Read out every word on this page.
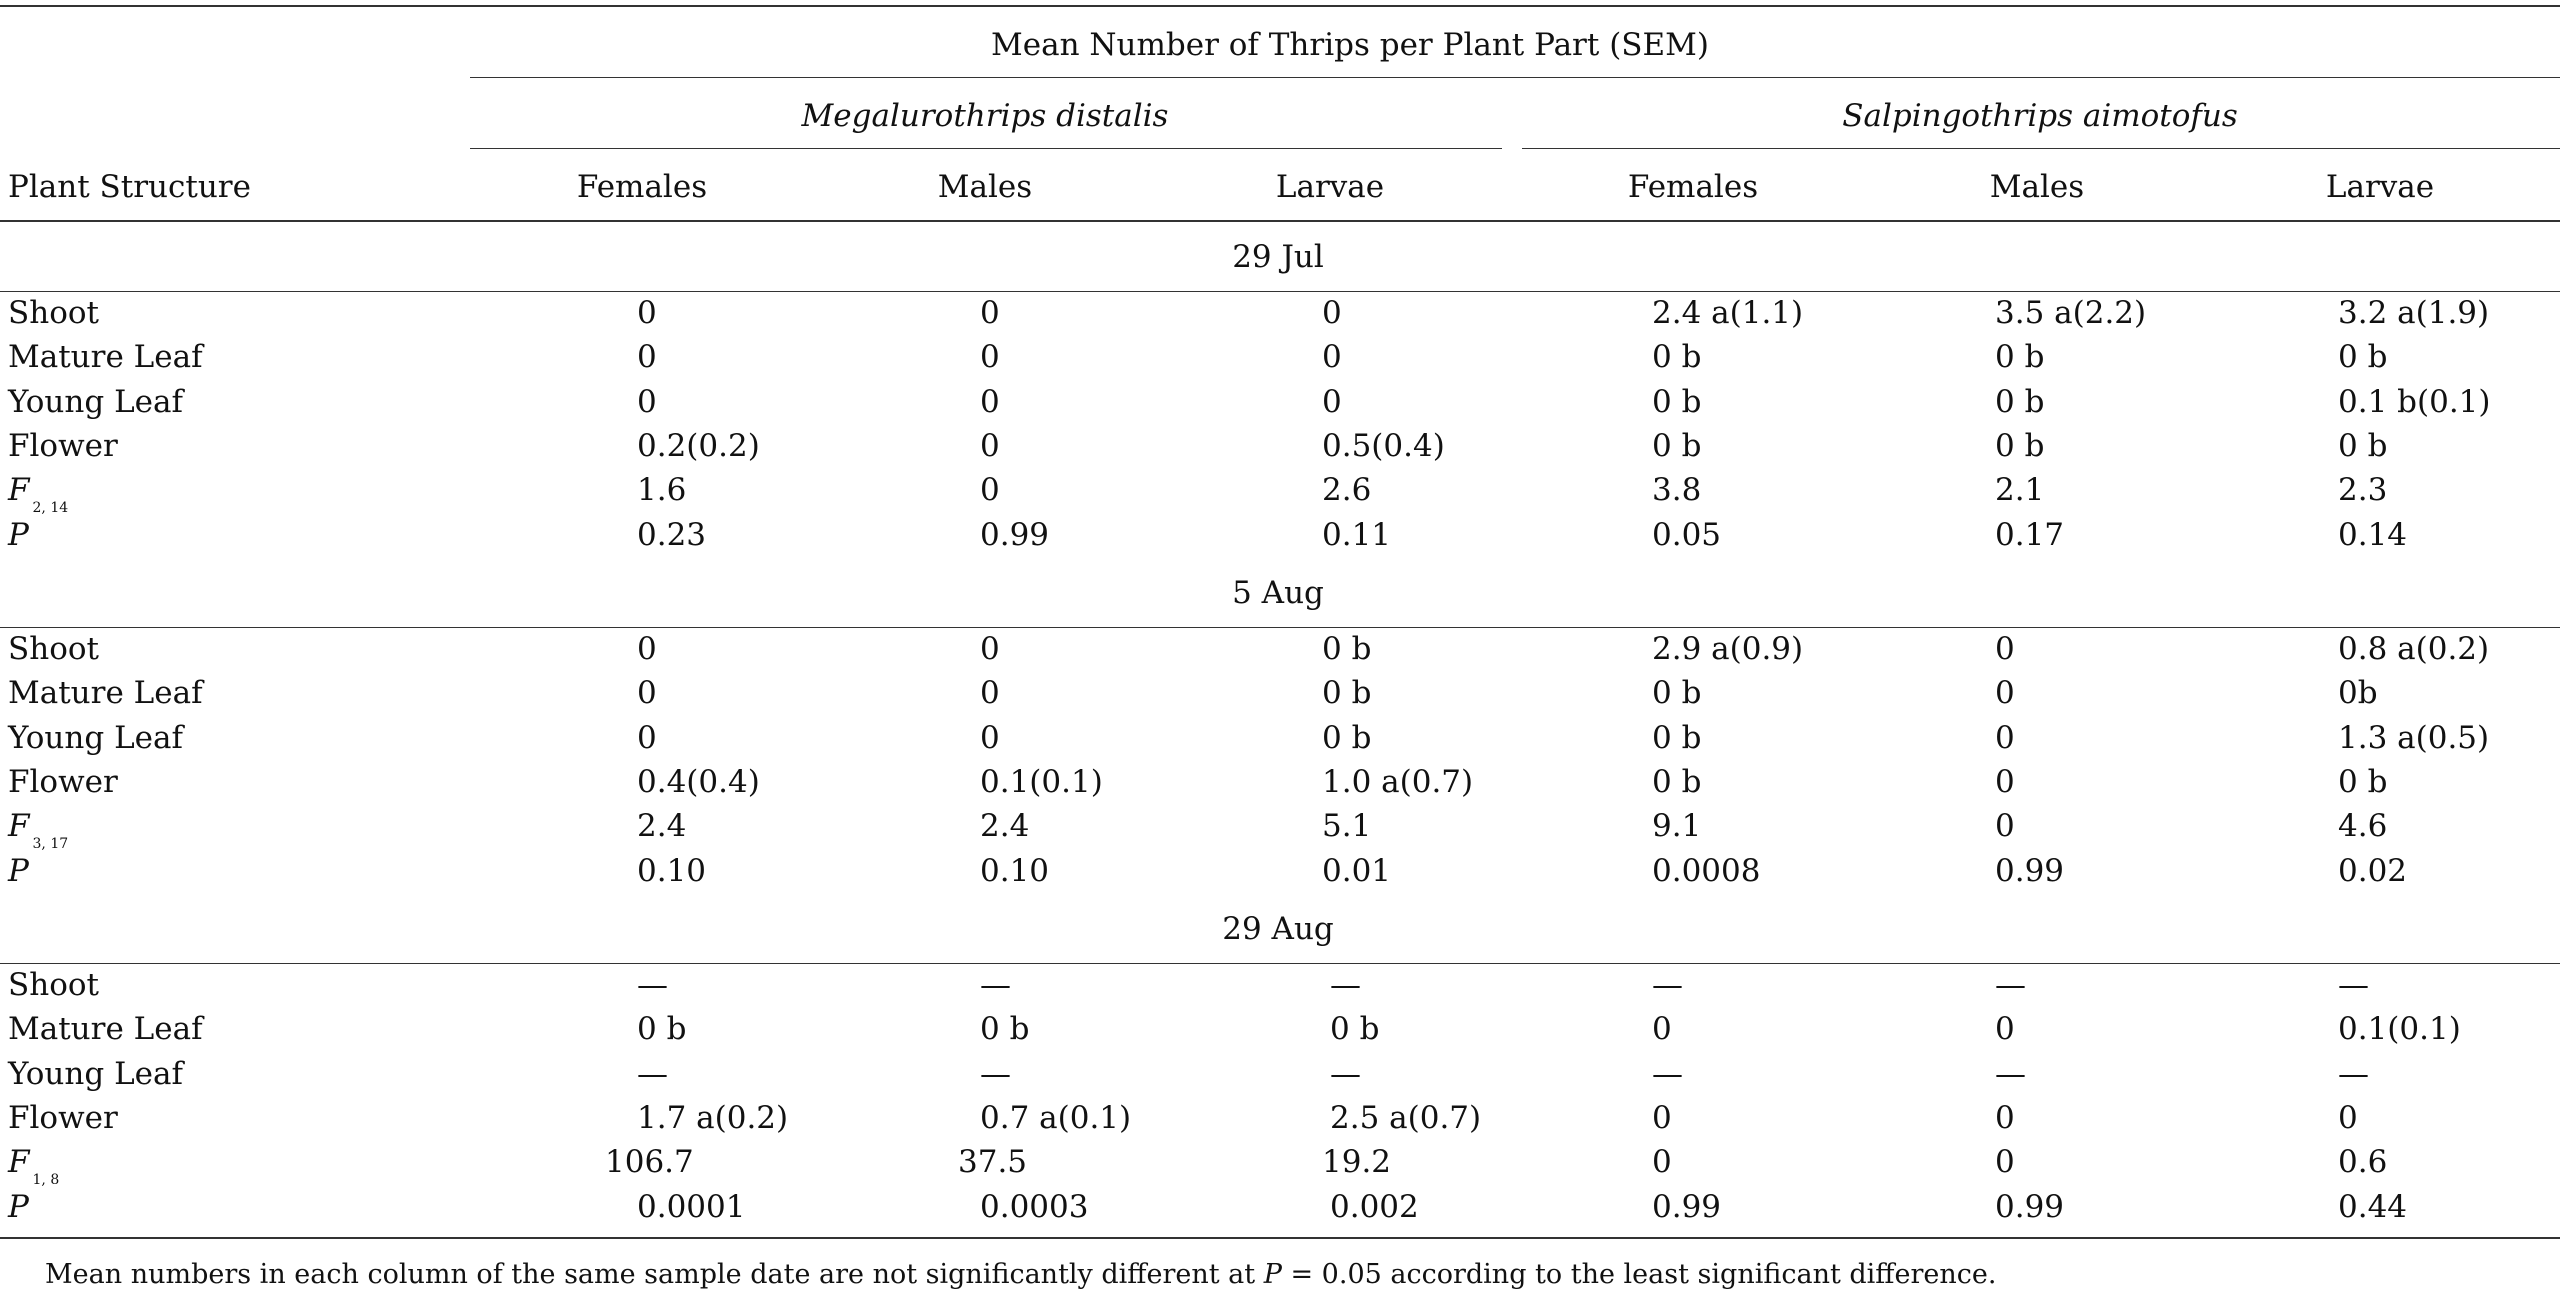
Mean Number of Thrips per Plant Part (SEM)
Megalurothrips distalis	Salpingothrips aimotofus
Plant Structure	Females	Males	Larvae	Females	Males	Larvae
29 Jul
Shoot	0	0	0	2.4 a(1.1)	3.5 a(2.2)	3.2 a(1.9)
Mature Leaf	0	0	0	0 b	0 b	0 b
Young Leaf	0	0	0	0 b	0 b	0.1 b(0.1)
Flower	0.2(0.2)	0	0.5(0.4)	0 b	0 b	0 b
F $_{2, 14}$	1.6	0	2.6	3.8	2.1	2.3
P	0.23	0.99	0.11	0.05	0.17	0.14
5 Aug
Shoot	0	0	0 b	2.9 a(0.9)	0	0.8 a(0.2)
Mature Leaf	0	0	0 b	0 b	0	0b
Young Leaf	0	0	0 b	0 b	0	1.3 a(0.5)
Flower	0.4(0.4)	0.1(0.1)	1.0 a(0.7)	0 b	0	0 b
F $_{3, 17}$	2.4	2.4	5.1	9.1	0	4.6
P	0.10	0.10	0.01	0.0008	0.99	0.02
29 Aug
Shoot	—	—	—	—	—	—
Mature Leaf	0 b	0 b	0 b	0	0	0.1(0.1)
Young Leaf	—	—	—	—	—	—
Flower	1.7 a(0.2)	0.7 a(0.1)	2.5 a(0.7)	0	0	0
F $_{1, 8}$	106.7	37.5	19.2	0	0	0.6
P	0.0001	0.0003	0.002	0.99	0.99	0.44
Mean numbers in each column of the same sample date are not significantly different at P = 0.05 according to the least significant difference.
